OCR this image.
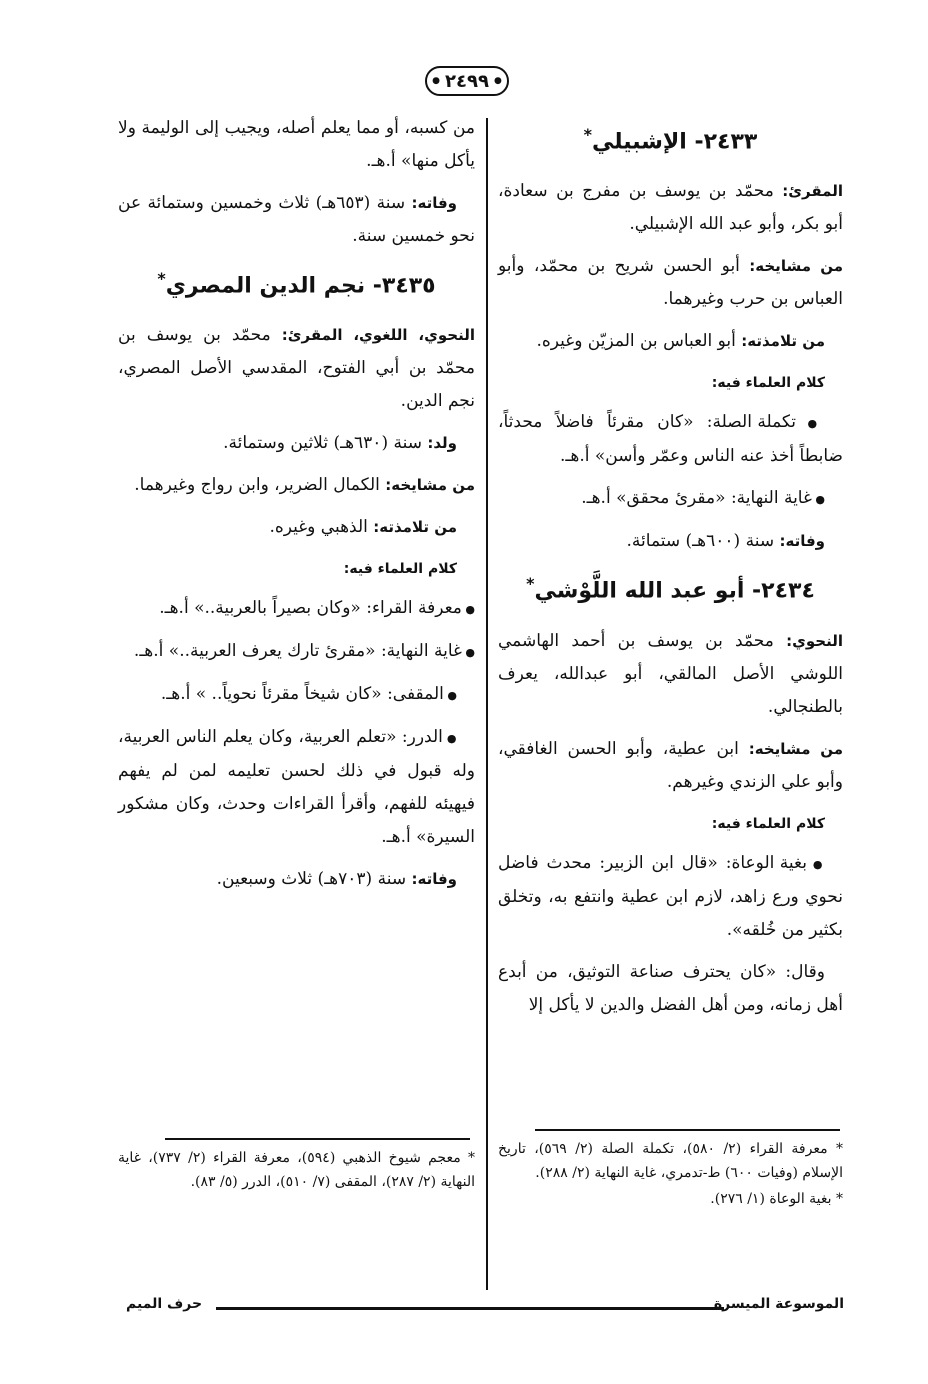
● ٢٤٩٩ ●
٢٤٣٣- الإشبيلي*

المقرئ: محمّد بن يوسف بن مفرج بن سعادة، أبو بكر، وأبو عبد الله الإشبيلي.

من مشايخه: أبو الحسن شريح بن محمّد، وأبو العباس بن حرب وغيرهما.

من تلامذته: أبو العباس بن المزيّن وغيره.

كلام العلماء فيه:

● تكملة الصلة: «كان مقرئاً فاضلاً محدثاً، ضابطاً أخذ عنه الناس وعمّر وأسن» أ.هـ.

● غاية النهاية: «مقرئ محقق» أ.هـ.

وفاته: سنة (٦٠٠هـ) ستمائة.

٢٤٣٤- أبو عبد الله اللَّوْشي*

النحوي: محمّد بن يوسف بن أحمد الهاشمي اللوشي الأصل المالقي، أبو عبدالله، يعرف بالطنجالي.

من مشايخه: ابن عطية، وأبو الحسن الغافقي، وأبو علي الزندي وغيرهم.

كلام العلماء فيه:

● بغية الوعاة: «قال ابن الزبير: محدث فاضل نحوي ورع زاهد، لازم ابن عطية وانتفع به، وتخلق بكثير من خُلقه».

وقال: «كان يحترف صناعة التوثيق، من أبدع أهل زمانه، ومن أهل الفضل والدين لا يأكل إلا

من كسبه، أو مما يعلم أصله، ويجيب إلى الوليمة ولا يأكل منها» أ.هـ.

وفاته: سنة (٦٥٣هـ) ثلاث وخمسين وستمائة عن نحو خمسين سنة.

٣٤٣٥- نجم الدين المصري*

النحوي، اللغوي، المقرئ: محمّد بن يوسف بن محمّد بن أبي الفتوح، المقدسي الأصل المصري، نجم الدين.

ولد: سنة (٦٣٠هـ) ثلاثين وستمائة.

من مشايخه: الكمال الضرير، وابن رواج وغيرهما.

من تلامذته: الذهبي وغيره.

كلام العلماء فيه:

● معرفة القراء: «وكان بصيراً بالعربية..» أ.هـ.

● غاية النهاية: «مقرئ تارك يعرف العربية..» أ.هـ.

● المقفى: «كان شيخاً مقرئاً نحوياً.. » أ.هـ.

● الدرر: «تعلم العربية، وكان يعلم الناس العربية، وله قبول في ذلك لحسن تعليمه لمن لم يفهم فيهيئه للفهم، وأقرأ القراءات وحدث، وكان مشكور السيرة» أ.هـ.

وفاته: سنة (٧٠٣هـ) ثلاث وسبعين.

* معرفة القراء (٢/ ٥٨٠)، تكملة الصلة (٢/ ٥٦٩)، تاريخ الإسلام (وفيات ٦٠٠) ط-تدمري، غاية النهاية (٢/ ٢٨٨).

* بغية الوعاة (١/ ٢٧٦).

* معجم شيوخ الذهبي (٥٩٤)، معرفة القراء (٢/ ٧٣٧)، غاية النهاية (٢/ ٢٨٧)، المقفى (٧/ ٥١٠)، الدرر (٥/ ٨٣).

الموسوعة الميسرة
حرف الميم
